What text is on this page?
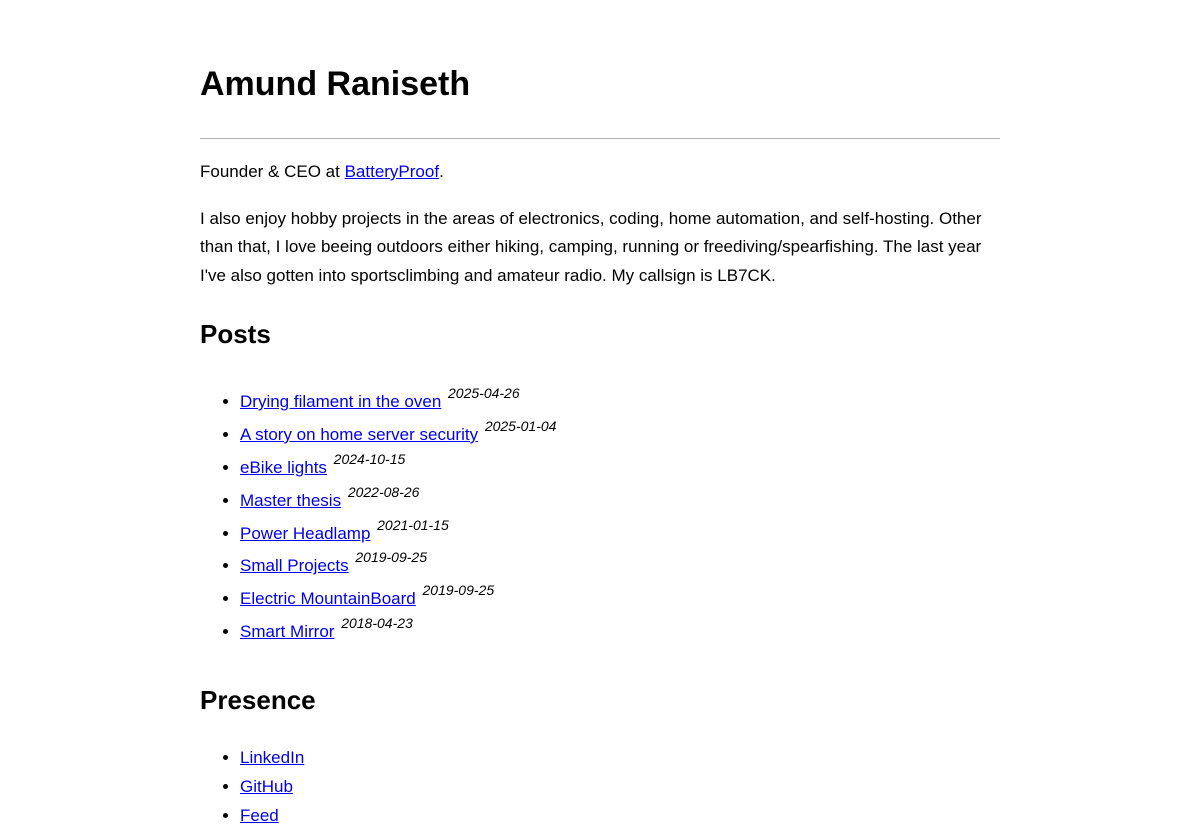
Amund Raniseth

Founder & CEO at BatteryProof.

I also enjoy hobby projects in the areas of electronics, coding, home automation, and self-hosting. Other than that, I love beeing outdoors either hiking, camping, running or freediving/spearfishing. The last year I've also gotten into sportsclimbing and amateur radio. My callsign is LB7CK.

Posts
• Drying filament in the oven $^{2025-04-26}$
• A story on home server security $^{2025-01-04}$
• eBike lights $^{2024-10-15}$
• Master thesis $^{2022-08-26}$
• Power Headlamp $^{2021-01-15}$
• Small Projects $^{2019-09-25}$
• Electric MountainBoard $^{2019-09-25}$
• Smart Mirror $^{2018-04-23}$
Presence
• LinkedIn
• GitHub
• Feed
